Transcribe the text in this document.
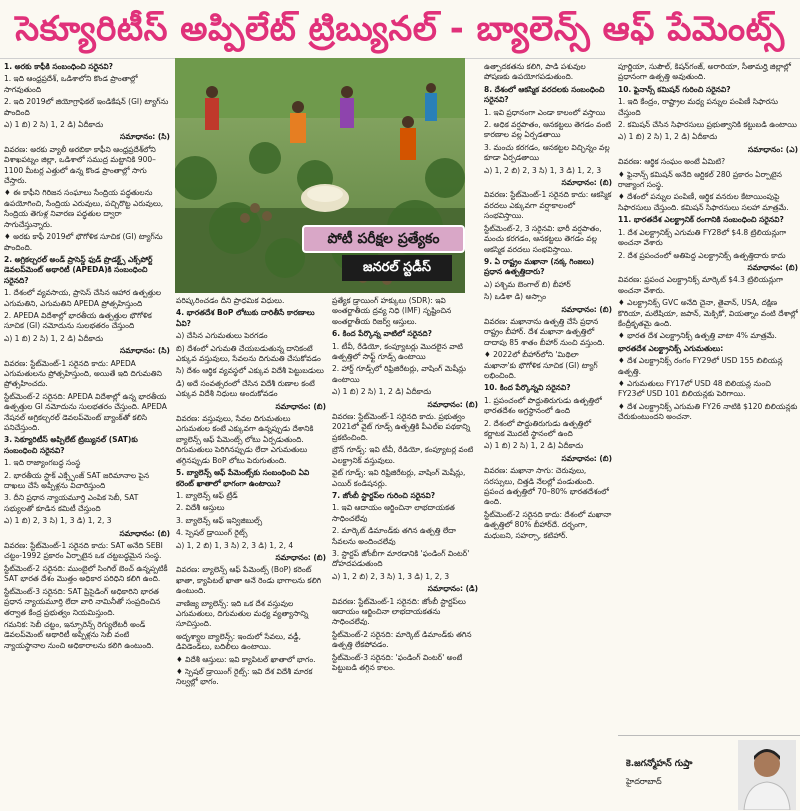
సెక్యూరిటీస్ అప్పిలేట్ ట్రిబ్యునల్ - బ్యాలెన్స్ ఆఫ్ పేమెంట్స్

1. అరకు కాఫీకి సంబంధించి సరైనవి?

1. ఇది ఆంధ్రప్రదేశ్, ఒడిశాలోని కొండ ప్రాంతాల్లో సాగవుతుంది

2. ఇది 2019లో జియోగ్రాఫికల్ ఇండికేషన్ (GI) ట్యాగ్‌ను పొందింది

ఎ) 1 బి) 2 సి) 1, 2 డి) ఏదీకాదు

సమాధానం: (సి)

వివరణ: అరకు వ్యాలీ అరబికా కాఫీని ఆంధ్రప్రదేశ్‌లోని విశాఖపట్నం జిల్లా, ఒడిశాలో సముద్ర మట్టానికి 900–1100 మీటర్ల ఎత్తులో ఉన్న కొండ ప్రాంతాల్లో సాగు చేస్తారు.

♦ ఈ కాఫీని గిరిజన సంఘాలు సేంద్రియ పద్ధతులను ఉపయోగించి, సేంద్రియ ఎరువులు, పచ్చిరొట్ట ఎరువులు, సేంద్రియ తెగుళ్ల నివారణ పద్ధతుల ద్వారా సాగుచేస్తున్నారు.

♦ అరకు కాఫీ 2019లో భౌగోళిక సూచిక (GI) ట్యాగ్‌ను పొందింది.

2. అగ్రికల్చరల్ అండ్ ప్రాసెస్డ్ ఫుడ్ ప్రొడక్ట్స్ ఎక్స్‌పోర్ట్ డెవలప్‌మెంట్ అథారిటీ (APEDA)కి సంబంధించి సరైనది?

1. దేశంలో వ్యవసాయ, ప్రాసెస్ చేసిన ఆహార ఉత్పత్తుల ఎగుమతిని, ఎగుమతిని APEDA ప్రోత్సహిస్తుంది

2. APEDA విదేశాల్లో భారతీయ ఉత్పత్తుల భౌగోళిక సూచిక (GI) నమోదును సులభతరం చేస్తుంది

ఎ) 1 బి) 2 సి) 1, 2 డి) ఏదీకాదు

సమాధానం: (సి)

వివరణ: స్టేట్‌మెంట్-1 సరైనది కాదు: APEDA ఎగుమతులను ప్రోత్సహిస్తుంది, అయితే ఇది దిగుమతిని ప్రోత్సహించదు.

స్టేట్‌మెంట్-2 సరైనది: APEDA విదేశాల్లో ఉన్న భారతీయ ఉత్పత్తుల GI నమోదును సులభతరం చేస్తుంది. APEDA నేషనల్ అగ్రికల్చరల్ డెవలప్‌మెంట్ బ్యాంక్‌తో కలిసి పనిచేస్తుంది.

3. సెక్యూరిటీస్ అప్పిలేట్ ట్రిబ్యునల్ (SAT)కు సంబంధించి సరైనవి?

1. ఇది రాజ్యాంగబద్ధ సంస్థ

2. భారతీయ స్టాక్ ఎక్స్ఛేంజ్ SAT జరిమానాల పైన దాఖలు చేసే అప్పీళ్లను విచారిస్తుంది

3. దీని ప్రధాన న్యాయమూర్తి ఎంపిక సెబీ, SAT సభ్యులతో కూడిన కమిటీ చేస్తుంది

ఎ) 1 బి) 2, 3 సి) 1, 3 డి) 1, 2, 3

సమాధానం: (బి)

వివరణ: స్టేట్‌మెంట్-1 సరైనది కాదు: SAT అనేది SEBI చట్టం-1992 ప్రకారం ఏర్పాటైన ఒక చట్టబద్ధమైన సంస్థ.

స్టేట్‌మెంట్-2 సరైనది: ముంబైలో సింగిల్ బెంచ్ ఉన్నప్పటికీ SAT భారత దేశం మొత్తం అధికార పరిధిని కలిగి ఉంది.

స్టేట్‌మెంట్-3 సరైనది: SAT ప్రిసైడింగ్ అధికారిని భారత ప్రధాన న్యాయమూర్తి లేదా వారి నామినీతో సంప్రదించిన తర్వాత కేంద్ర ప్రభుత్వం నియమిస్తుంది.

గమనిక: సెబీ చట్టం, ఇన్సూరెన్స్ రెగ్యులేటరీ అండ్ డెవలప్‌మెంట్ అథారిటీ అప్పీళ్లను సెబీ వంటి న్యాయస్థానాల నుంచి అధికారాలను కలిగి ఉంటుంది.

పోటీ పరీక్షల ప్రత్యేకం
జనరల్ స్టడీస్

పరిష్కరించడం దీని ప్రాధమిక విధులు.

4. భారతదేశ BoP లోటుకు దారితీసే కారణాలు ఏవి?

ఎ) చేసిన ఎగుమతులు పెరగడం

బి) దేశంలో ఎగుమతి చేయబడుతున్న దానికంటే ఎక్కువ వస్తువులు, సేవలను దిగుమతి చేసుకోవడం

సి) దేశం ఆర్థిక వ్యవస్థలో ఎక్కువ విదేశీ పెట్టుబడులు

డి) అదే సంవత్సరంలో చేసిన విదేశీ రుణాల కంటే ఎక్కువ విదేశీ నిధులు అందుకోవడం

సమాధానం: (బి)

వివరణ: వస్తువులు, సేవల దిగుమతులు ఎగుమతుల కంటే ఎక్కువగా ఉన్నప్పుడు దేశానికి బ్యాలెన్స్ ఆఫ్ పేమెంట్స్ లోటు ఏర్పడుతుంది. దిగుమతులు పెరిగినప్పుడు లేదా ఎగుమతులు తగ్గినప్పుడు BoP లోటు పెరుగుతుంది.

5. బ్యాలెన్స్ ఆఫ్ పేమెంట్స్‌కు సంబంధించి ఏవి కరెంట్ ఖాతాలో భాగంగా ఉంటాయి?

1. బ్యాలెన్స్ ఆఫ్ ట్రేడ్

2. విదేశీ ఆస్తులు

3. బ్యాలెన్స్ ఆఫ్ ఇన్విజిబుల్స్

4. స్పెషల్ డ్రాయింగ్ రైట్స్

ఎ) 1, 2 బి) 1, 3 సి) 2, 3 డి) 1, 2, 4

సమాధానం: (బి)

వివరణ: బ్యాలెన్స్ ఆఫ్ పేమెంట్స్ (BoP) కరెంట్ ఖాతా, క్యాపిటల్ ఖాతా అనే రెండు భాగాలను కలిగి ఉంటుంది.

వాణిజ్య బ్యాలెన్స్: ఇది ఒక దేశ వస్తువుల ఎగుమతులు, దిగుమతుల మధ్య వ్యత్యాసాన్ని సూచిస్తుంది.

అదృశ్యాల బ్యాలెన్స్: ఇందులో సేవలు, వడ్డీ, డివిడెండ్‌లు, బదిలీలు ఉంటాయి.

♦ విదేశీ ఆస్తులు: ఇవి క్యాపిటల్ ఖాతాలో భాగం.

♦ స్పెషల్ డ్రాయింగ్ రైట్స్: ఇవి దేశ విదేశీ మారక నిల్వల్లో భాగం.

ప్రత్యేక డ్రాయింగ్ హక్కులు (SDR): ఇవి అంతర్జాతీయ ద్రవ్య నిధి (IMF) సృష్టించిన అంతర్జాతీయ రిజర్వ్ ఆస్తులు.

6. కింద పేర్కొన్న వాటిలో సరైనది?

1. టీవీ, రేడియో, కంప్యూటర్లు మొదలైన వాటి ఉత్పత్తిలో సాఫ్ట్ గూడ్స్ ఉంటాయి

2. హార్డ్ గూడ్స్‌లో రిఫ్రిజిరేటర్లు, వాషింగ్ మెషీన్లు ఉంటాయి

ఎ) 1 బి) 2 సి) 1, 2 డి) ఏదీకాదు

సమాధానం: (బి)

వివరణ: స్టేట్‌మెంట్-1 సరైనది కాదు. ప్రభుత్వం 2021లో వైట్ గూడ్స్ ఉత్పత్తికి పీఎల్ఐ పథకాన్ని ప్రకటించింది.

బ్రౌన్ గూడ్స్: ఇవి టీవీ, రేడియో, కంప్యూటర్ల వంటి ఎలక్ట్రానిక్ వస్తువులు.

వైట్ గూడ్స్: ఇవి రిఫ్రిజిరేటర్లు, వాషింగ్ మెషీన్లు, ఎయిర్ కండిషనర్లు.

7. జోంబీ స్టార్టప్‌ల గురించి సరైనవి?

1. ఇవి ఆదాయం ఆర్జించినా లాభదాయకత సాధించలేవు

2. మార్కెట్ డిమాండ్‌కు తగిన ఉత్పత్తి లేదా సేవలను అందించలేవు

3. స్టార్టప్ జోంబీగా మారడానికి 'ఫండింగ్ వింటర్' దోహదపడుతుంది

ఎ) 1, 2 బి) 2, 3 సి) 1, 3 డి) 1, 2, 3

సమాధానం: (డి)

వివరణ: స్టేట్‌మెంట్-1 సరైనది: జోంబీ స్టార్టప్‌లు ఆదాయం ఆర్జించినా లాభదాయకతను సాధించలేవు.

స్టేట్‌మెంట్-2 సరైనది: మార్కెట్ డిమాండ్‌కు తగిన ఉత్పత్తి లేకపోవడం.

స్టేట్‌మెంట్-3 సరైనది: 'ఫండింగ్ వింటర్' అంటే పెట్టుబడి తగ్గిన కాలం.

ఉత్పాదకతను కలిగి, పాడి పశువుల పోషణకు ఉపయోగపడుతుంది.

8. దేశంలో ఆకస్మిక వరదలకు సంబంధించి సరైనవి?

1. ఇవి ప్రధానంగా ఎండా కాలంలో వస్తాయి

2. అధిక వర్షపాతం, ఆనకట్టలు తెగడం వంటి కారణాల వల్ల ఏర్పడతాయి

3. మంచు కరగడం, ఆనకట్టల విచ్ఛిన్నం వల్ల కూడా ఏర్పడతాయి

ఎ) 1, 2 బి) 2, 3 సి) 1, 3 డి) 1, 2, 3

సమాధానం: (బి)

వివరణ: స్టేట్‌మెంట్-1 సరైనది కాదు: ఆకస్మిక వరదలు ఎక్కువగా వర్షాకాలంలో సంభవిస్తాయి.

స్టేట్‌మెంట్-2, 3 సరైనవి: భారీ వర్షపాతం, మంచు కరగడం, ఆనకట్టలు తెగడం వల్ల ఆకస్మిక వరదలు సంభవిస్తాయి.

9. ఏ రాష్ట్రం మఖానా (నక్క గింజలు) ప్రధాన ఉత్పత్తిదారు?

ఎ) పశ్చిమ బెంగాల్ బి) బీహార్

సి) ఒడిశా డి) అస్సాం

సమాధానం: (బి)

వివరణ: మఖానాను ఉత్పత్తి చేసే ప్రధాన రాష్ట్రం బీహార్. దేశ మఖానా ఉత్పత్తిలో దాదాపు 85 శాతం బీహార్ నుంచి వస్తుంది.

♦ 2022లో బీహార్‌లోని 'మిథిలా మఖానా'కు భౌగోళిక సూచిక (GI) ట్యాగ్ లభించింది.

10. కింద పేర్కొన్నవి సరైనవి?

1. ప్రపంచంలో పొద్దుతిరుగుడు ఉత్పత్తిలో భారతదేశం అగ్రస్థానంలో ఉంది

2. దేశంలో పొద్దుతిరుగుడు ఉత్పత్తిలో కర్ణాటక మొదటి స్థానంలో ఉంది

ఎ) 1 బి) 2 సి) 1, 2 డి) ఏదీకాదు

సమాధానం: (బి)

వివరణ: మఖానా సాగు: చెరువులు, సరస్సులు, చిత్తడి నేలల్లో పండుతుంది. ప్రపంచ ఉత్పత్తిలో 70–80% భారతదేశంలో ఉంది.

స్టేట్‌మెంట్-2 సరైనది కాదు: దేశంలో మఖానా ఉత్పత్తిలో 80% బీహార్‌దే. దర్భంగా, మధుబని, సహర్సా, కటిహార్.

పూర్ణియా, సుపౌల్, కిషన్‌గంజ్, అరారియా, సీతామర్హి జిల్లాల్లో ప్రధానంగా ఉత్పత్తి అవుతుంది.

10. ఫైనాన్స్ కమిషన్ గురించి సరైనవి?

1. ఇది కేంద్రం, రాష్ట్రాల మధ్య పన్నుల పంపిణీ సిఫారసు చేస్తుంది

2. కమిషన్ చేసిన సిఫారసులు ప్రభుత్వానికి కట్టుబడి ఉంటాయి

ఎ) 1 బి) 2 సి) 1, 2 డి) ఏదీకాదు

సమాధానం: (ఎ)

వివరణ: ఆర్థిక సంఘం అంటే ఏమిటి?

♦ ఫైనాన్స్ కమిషన్ అనేది ఆర్టికల్ 280 ప్రకారం ఏర్పాటైన రాజ్యాంగ సంస్థ.

♦ దేశంలో పన్నుల పంపిణీ, ఆర్థిక వనరుల కేటాయింపుపై సిఫారసులు చేస్తుంది. కమిషన్ సిఫారసులు సలహా మాత్రమే.

11. భారతదేశ ఎలక్ట్రానిక్ రంగానికి సంబంధించి సరైనవి?

1. దేశ ఎలక్ట్రానిక్స్ ఎగుమతి FY28లో $4.8 ట్రిలియన్లుగా అంచనా వేశారు

2. దేశ ప్రపంచంలో అతిపెద్ద ఎలక్ట్రానిక్స్ ఉత్పత్తిదారు కాదు

సమాధానం: (బి)

వివరణ: ప్రపంచ ఎలక్ట్రానిక్స్ మార్కెట్ $4.3 ట్రిలియన్లుగా అంచనా వేశారు.

♦ ఎలక్ట్రానిక్స్ GVC అనేది చైనా, తైవాన్, USA, దక్షిణ కొరియా, మలేషియా, జపాన్, మెక్సికో, వియత్నాం వంటి దేశాల్లో కేంద్రీకృతమై ఉంది.

♦ భారత దేశ ఎలక్ట్రానిక్స్ ఉత్పత్తి వాటా 4% మాత్రమే.

భారతదేశ ఎలక్ట్రానిక్స్ ఎగుమతులు:

♦ దేశ ఎలక్ట్రానిక్స్ రంగం FY29లో USD 155 బిలియన్ల ఉత్పత్తి.

♦ ఎగుమతులు FY17లో USD 48 బిలియన్ల నుంచి FY23లో USD 101 బిలియన్లకు పెరిగాయి.

♦ దేశ ఎలక్ట్రానిక్స్ ఎగుమతి FY26 నాటికి $120 బిలియన్లకు చేరుకుంటుందని అంచనా.

కె.జగన్మోహన్ గుప్తా
హైదరాబాద్
